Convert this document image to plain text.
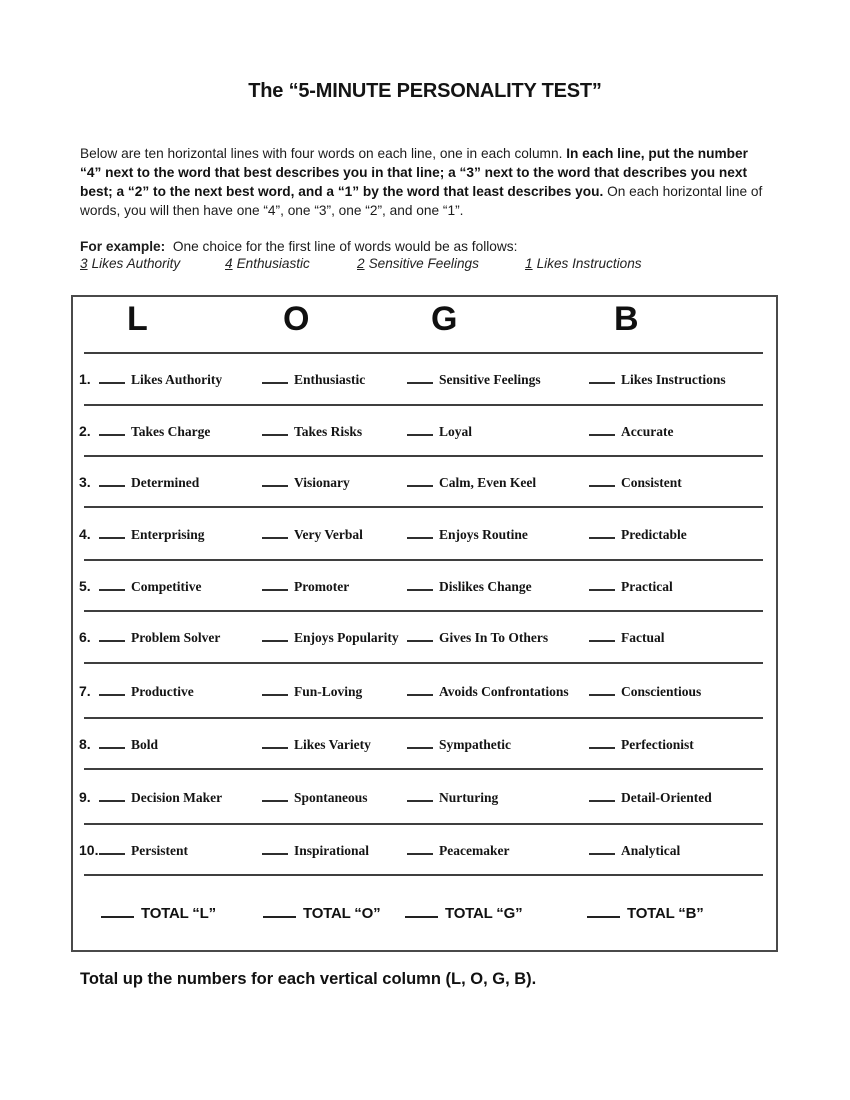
The “5-MINUTE PERSONALITY TEST”

Below are ten horizontal lines with four words on each line, one in each column. In each line, put the number “4” next to the word that best describes you in that line; a “3” next to the word that describes you next best; a “2” to the next best word, and a “1” by the word that least describes you. On each horizontal line of words, you will then have one “4”, one “3”, one “2”, and one “1”.

For example: One choice for the first line of words would be as follows:

3 Likes Authority	4 Enthusiastic	2 Sensitive Feelings	1 Likes Instructions
L	O	G	B
1.	Likes Authority	Enthusiastic	Sensitive Feelings	Likes Instructions
2.	Takes Charge	Takes Risks	Loyal	Accurate
3.	Determined	Visionary	Calm, Even Keel	Consistent
4.	Enterprising	Very Verbal	Enjoys Routine	Predictable
5.	Competitive	Promoter	Dislikes Change	Practical
6.	Problem Solver	Enjoys Popularity	Gives In To Others	Factual
7.	Productive	Fun-Loving	Avoids Confrontations	Conscientious
8.	Bold	Likes Variety	Sympathetic	Perfectionist
9.	Decision Maker	Spontaneous	Nurturing	Detail-Oriented
10.	Persistent	Inspirational	Peacemaker	Analytical
TOTAL “L”	TOTAL “O”	TOTAL “G”	TOTAL “B”

Total up the numbers for each vertical column (L, O, G, B).
